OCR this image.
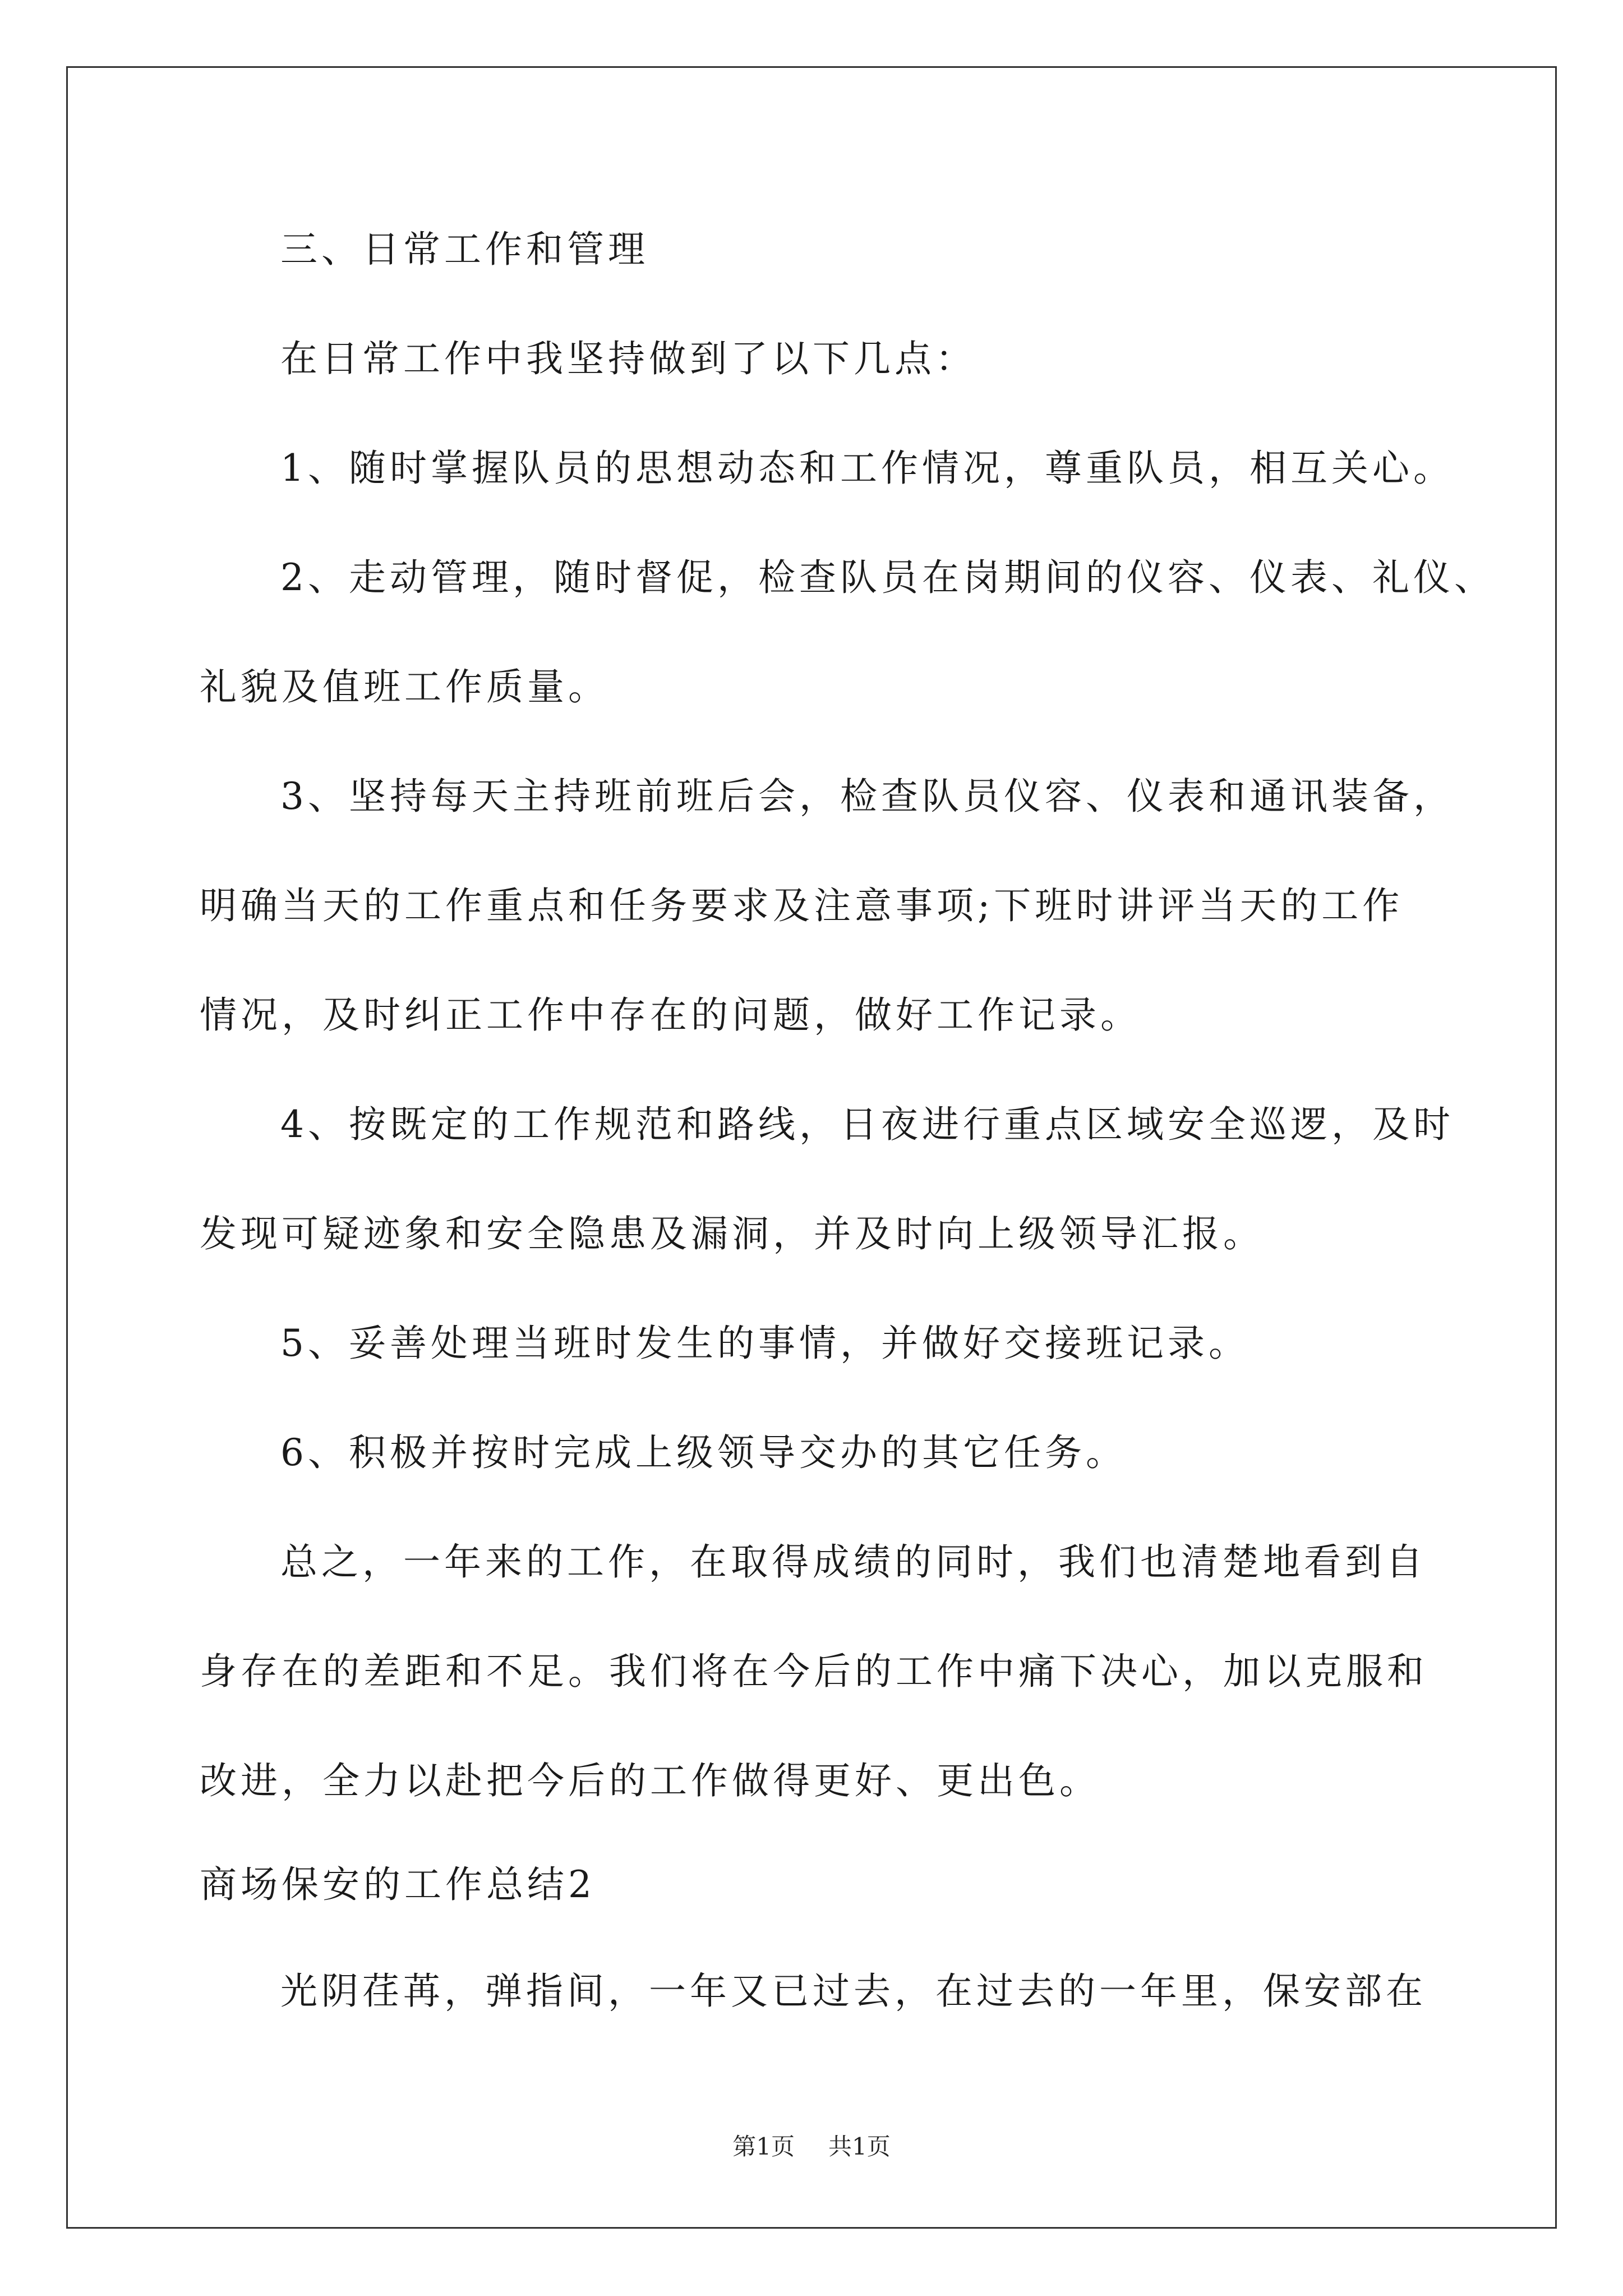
三、日常工作和管理
在日常工作中我坚持做到了以下几点：
1、随时掌握队员的思想动态和工作情况，尊重队员，相互关心。
2、走动管理，随时督促，检查队员在岗期间的仪容、仪表、礼仪、
礼貌及值班工作质量。
3、坚持每天主持班前班后会，检查队员仪容、仪表和通讯装备，
明确当天的工作重点和任务要求及注意事项;下班时讲评当天的工作
情况，及时纠正工作中存在的问题，做好工作记录。
4、按既定的工作规范和路线，日夜进行重点区域安全巡逻，及时
发现可疑迹象和安全隐患及漏洞，并及时向上级领导汇报。
5、妥善处理当班时发生的事情，并做好交接班记录。
6、积极并按时完成上级领导交办的其它任务。
总之，一年来的工作，在取得成绩的同时，我们也清楚地看到自
身存在的差距和不足。我们将在今后的工作中痛下决心，加以克服和
改进，全力以赴把今后的工作做得更好、更出色。
商场保安的工作总结2
光阴荏苒，弹指间，一年又已过去，在过去的一年里，保安部在
第1页 共1页
